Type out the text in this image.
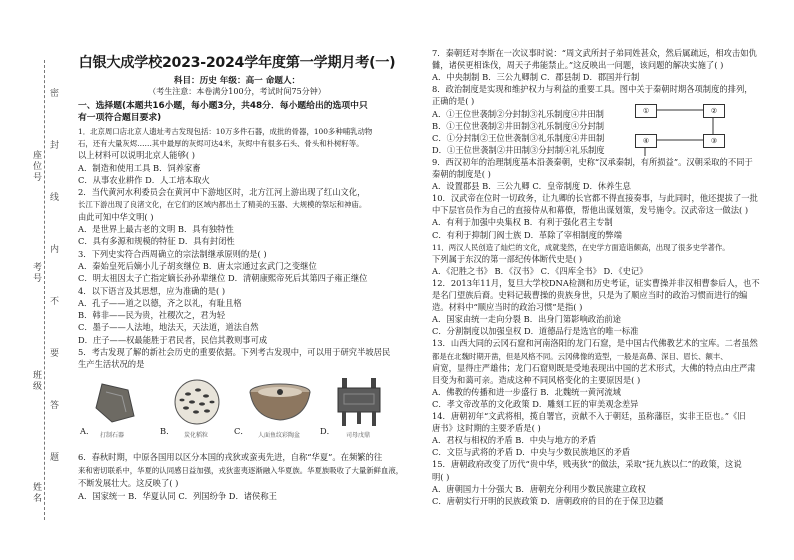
座位号
考号
班级
姓名
密
封
线
内
不
要
答
题
白银大成学校2023-2024学年度第一学期月考(一)
科目：历史 年级：高一 命题人：
（考生注意：本卷满分100分，考试时间75分钟）
一、选择题(本题共16小题，每小题3分，共48分．每小题给出的选项中只
有一项符合题目要求)
1．北京周口店北京人遗址考古发现包括：10万多件石器，成批的骨器，100多种哺乳动物
石，还有大量灰烬……其中最厚的灰烬可达4米，灰烬中有很多石头、骨头和朴树籽等。
以上材料可以说明北京人能够( )
A．制造和使用工具 B．饲养家畜
C．从事农业耕作 D．人工培本取火
2．当代黄河水利委员会在黄河中下游地区时，北方江河上游出现了红山文化，
长江下游出现了良渚文化，在它们的区域内都出土了精美的玉器、大规模的祭坛和神庙。
由此可知中华文明( )
A．是世界上最古老的文明 B．具有独特性
C．具有多源和规模的特征 D．具有封闭性
3．下列史实符合西周确立的宗法制继承原则的是( )
A．秦始皇死后嫡小儿子胡亥继位 B．唐太宗通过玄武门之变继位
C．明太祖因太子亡指定嫡长孙孙辈继位 D．清朝康熙帝死后其第四子雍正继位
4．以下语言及其思想，应为准确的是( )
A．孔子——道之以德，齐之以礼，有耻且格
B．韩非——民为贵，社稷次之，君为轻
C．墨子——人法地，地法天，天法道，道法自然
D．庄子——权最能胜于君民者，民信其教则事可成
5．考古发现了解的新社会历史的重要依据。下列考古发现中，可以用于研究半坡居民
生产生活状况的是
打制石器	炭化稻粒	人面鱼纹彩陶盆	司母戊鼎
A．	B．	C．	D．
6．春秋时期，中原各国用以区分本国的戎狄或蛮夷先进，自称“华夏”。在频繁的往
来和密切联系中，华夏的认同感日益加强，戎狄蛮夷逐渐融入华夏族。华夏族吸收了大量新鲜血液，
不断发展壮大。这反映了( )
A．国家统一 B．华夏认同 C．列国纷争 D．诸侯称王
7．秦朝廷对李斯在一次议事时说：“周文武所封子弟同姓甚众，然后属疏远，相攻击如仇
雠，诸侯更相诛伐，周天子弗能禁止。”这反映出一问题，该问题的解决实施了( )
A．中央制制 B．三公九卿制 C．郡县制 D．郡国并行制
8．政治制度是实现和维护权力与利益的重要工具。图中关于秦朝时期各项制度的排列，
正确的是( )
A．①王位世袭制②分封制③礼乐制度④井田制
B．①王位世袭制②井田制③礼乐制度④分封制
C．①分封制②王位世袭制③礼乐制度④井田制
D．①王位世袭制②井田制③分封制④礼乐制度
9．西汉初年的治理制度基本沿袭秦朝，史称“汉承秦制，有所损益”。汉朝采取的不同于
秦朝的制度是( )
A．设置郡县 B．三公九卿 C．皇帝制度 D．休养生息
10．汉武帝在位时一切政务，让九卿的长官都不得直接奏事，与此同时，他还提拔了一批
中下层官员作为自己的直接侍从和幕僚，帮他出谋划策，发号施令。汉武帝这一做法( )
A．有利于加强中央集权 B．有利于强化君主专制
C．有利于抑制门阀士族 D．革除了宰相制度的弊端
11．两汉人民创造了灿烂的文化，成就斐然，在史学方面造诣颇高，出现了很多史学著作。
下列属于东汉的第一部纪传体断代史是( )
A．《汜胜之书》 B．《汉书》 C．《四库全书》 D．《史记》
12．2013年11月，复旦大学校DNA检测和历史考证，证实曹操并非汉相曹参后人，也不
是名门望族后裔。史料记载曹操的贵族身世，只是为了顺应当时的政治习惯而进行的编
造。材料中“顺应当时的政治习惯”是指( )
A．国家由统一走向分裂 B．出身门第影响政治前途
C．分割制度以加强皇权 D．道德品行是选官的唯一标准
13．山西大同的云冈石窟和河南洛阳的龙门石窟，是中国古代佛教艺术的宝库。二者虽然
都是在北魏时期开凿，但是风格不同。云冈佛像的造型，一般是高鼻、深目、眉长、额丰、
肩宽，显得庄严雄伟；龙门石窟则既是受地表现出中国的艺术形式，大佛的特点由庄严肃
目变为和蔼可亲。造成这种不同风格变化的主要原因是( )
A．佛教的传播和进一步盛行 B．北魏统一黄河流域
C．孝文帝改革的文化政策 D．雕刻工匠的审美观念差异
14．唐朝初年“文武将相，揽自署官，贡献不入于朝廷，虽称藩臣，实非王臣也。”《旧
唐书》这时期的主要矛盾是( )
A．君权与相权的矛盾 B．中央与地方的矛盾
C．文臣与武将的矛盾 D．中央与少数民族地区的矛盾
15．唐朝政府改变了历代“贵中华，贱夷狄”的做法，采取“抚九族以仁”的政策，这说
明( )
A．唐朝国力十分强大 B．唐朝充分利用少数民族建立政权
C．唐朝实行开明的民族政策 D．唐朝政府的目的在于保卫边疆
①	②
③
④
